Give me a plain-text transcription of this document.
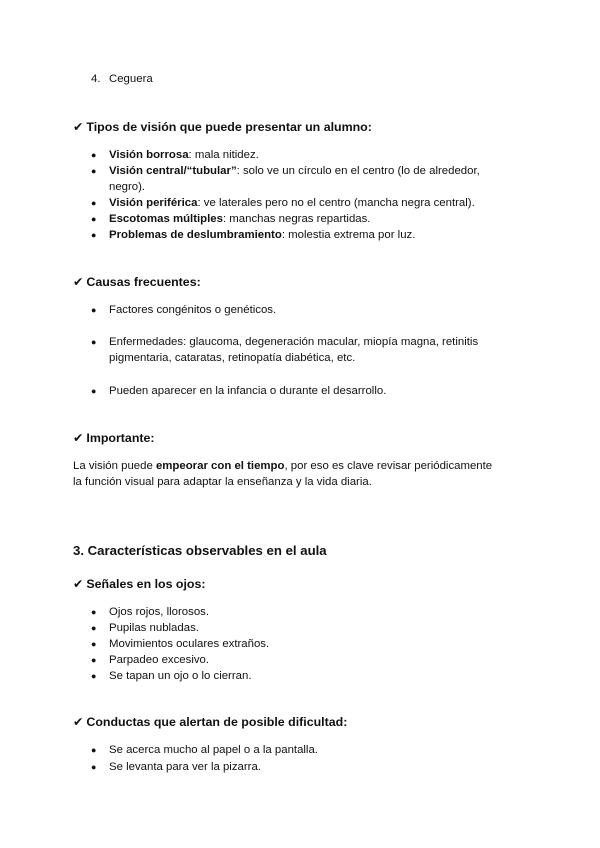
4. Ceguera
✔ Tipos de visión que puede presentar un alumno:
● Visión borrosa: mala nitidez.
● Visión central/“tubular”: solo ve un círculo en el centro (lo de alrededor,
negro).
● Visión periférica: ve laterales pero no el centro (mancha negra central).
● Escotomas múltiples: manchas negras repartidas.
● Problemas de deslumbramiento: molestia extrema por luz.
✔ Causas frecuentes:
● Factores congénitos o genéticos.
● Enfermedades: glaucoma, degeneración macular, miopía magna, retinitis
pigmentaria, cataratas, retinopatía diabética, etc.
● Pueden aparecer en la infancia o durante el desarrollo.
✔ Importante:
La visión puede empeorar con el tiempo, por eso es clave revisar periódicamente
la función visual para adaptar la enseñanza y la vida diaria.
3. Características observables en el aula
✔ Señales en los ojos:
● Ojos rojos, llorosos.
● Pupilas nubladas.
● Movimientos oculares extraños.
● Parpadeo excesivo.
● Se tapan un ojo o lo cierran.
✔ Conductas que alertan de posible dificultad:
● Se acerca mucho al papel o a la pantalla.
● Se levanta para ver la pizarra.
